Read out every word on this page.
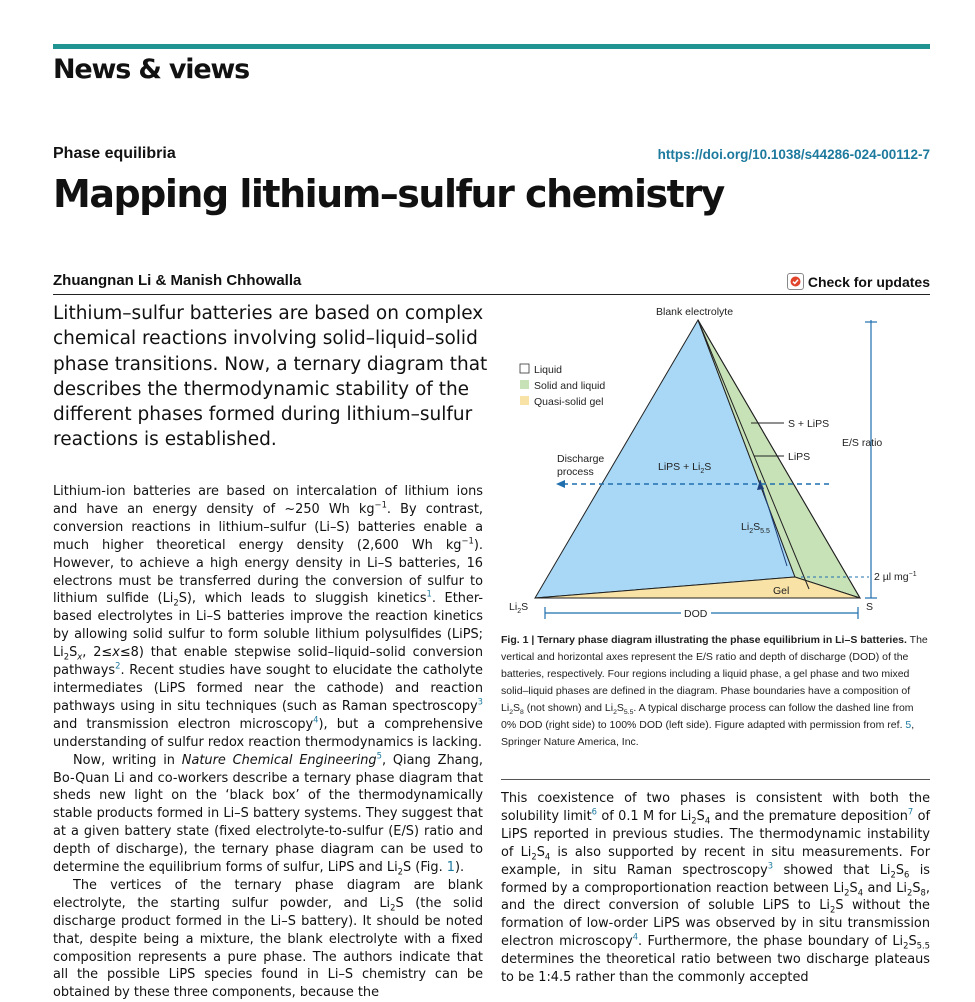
News & views
Phase equilibria	https://doi.org/10.1038/s44286-024-00112-7
Mapping lithium–sulfur chemistry
Zhuangnan Li & Manish Chhowalla	Check for updates
Lithium–sulfur batteries are based on complex chemical reactions involving solid–liquid–solid phase transitions. Now, a ternary diagram that describes the thermodynamic stability of the different phases formed during lithium–sulfur reactions is established.

Lithium-ion batteries are based on intercalation of lithium ions and have an energy density of ~250 Wh $kg^{-1}$. By contrast, conversion reactions in lithium–sulfur (Li–S) batteries enable a much higher theoretical energy density (2,600 Wh $kg^{-1}$). However, to achieve a high energy density in Li–S batteries, 16 electrons must be transferred during the conversion of sulfur to lithium sulfide $(Li_2S)$, which leads to sluggish kinetics$^1$. Ether-based electrolytes in Li–S batteries improve the reaction kinetics by allowing solid sulfur to form soluble lithium polysulfides (LiPS; $Li_2S_x$, 2≤x≤8) that enable stepwise solid–liquid–solid conversion pathways$^2$. Recent studies have sought to elucidate the catholyte intermediates (LiPS formed near the cathode) and reaction pathways using in situ techniques (such as Raman spectroscopy$^3$ and transmission electron microscopy$^4$), but a comprehensive understanding of sulfur redox reaction thermodynamics is lacking.

Now, writing in Nature Chemical Engineering$^5$, Qiang Zhang, Bo-Quan Li and co-workers describe a ternary phase diagram that sheds new light on the ‘black box’ of the thermodynamically stable products formed in Li–S battery systems. They suggest that at a given battery state (fixed electrolyte-to-sulfur (E/S) ratio and depth of discharge), the ternary phase diagram can be used to determine the equilibrium forms of sulfur, LiPS and $Li_2S$ (Fig. 1).

The vertices of the ternary phase diagram are blank electrolyte, the starting sulfur powder, and $Li_2S$ (the solid discharge product formed in the Li–S battery). It should be noted that, despite being a mixture, the blank electrolyte with a fixed composition represents a pure phase. The authors indicate that all the possible LiPS species found in Li–S chemistry can be obtained by these three components, because the

Blank electrolyte
E/S ratio
S + LiPS
LiPS
LiPS + $Li_2S$
Discharge
process
$Li_2S_{5.5}$
Gel
2 µl $mg^{-1}$
$Li_2S$	S
DOD
Liquid
Solid and liquid
Quasi-solid gel
Fig. 1 | Ternary phase diagram illustrating the phase equilibrium in Li–S batteries. The vertical and horizontal axes represent the E/S ratio and depth of discharge (DOD) of the batteries, respectively. Four regions including a liquid phase, a gel phase and two mixed solid–liquid phases are defined in the diagram. Phase boundaries have a composition of $Li_2S_8$ (not shown) and $Li_2S_{5.5}$. A typical discharge process can follow the dashed line from 0% DOD (right side) to 100% DOD (left side). Figure adapted with permission from ref. 5, Springer Nature America, Inc.

This coexistence of two phases is consistent with both the solubility limit$^6$ of 0.1 M for $Li_2S_4$ and the premature deposition$^7$ of LiPS reported in previous studies. The thermodynamic instability of $Li_2S_4$ is also supported by recent in situ measurements. For example, in situ Raman spectroscopy$^3$ showed that $Li_2S_6$ is formed by a comproportionation reaction between $Li_2S_4$ and $Li_2S_8$, and the direct conversion of soluble LiPS to $Li_2S$ without the formation of low-order LiPS was observed by in situ transmission electron microscopy$^4$. Furthermore, the phase boundary of $Li_2S_{5.5}$ determines the theoretical ratio between two discharge plateaus to be 1:4.5 rather than the commonly accepted
